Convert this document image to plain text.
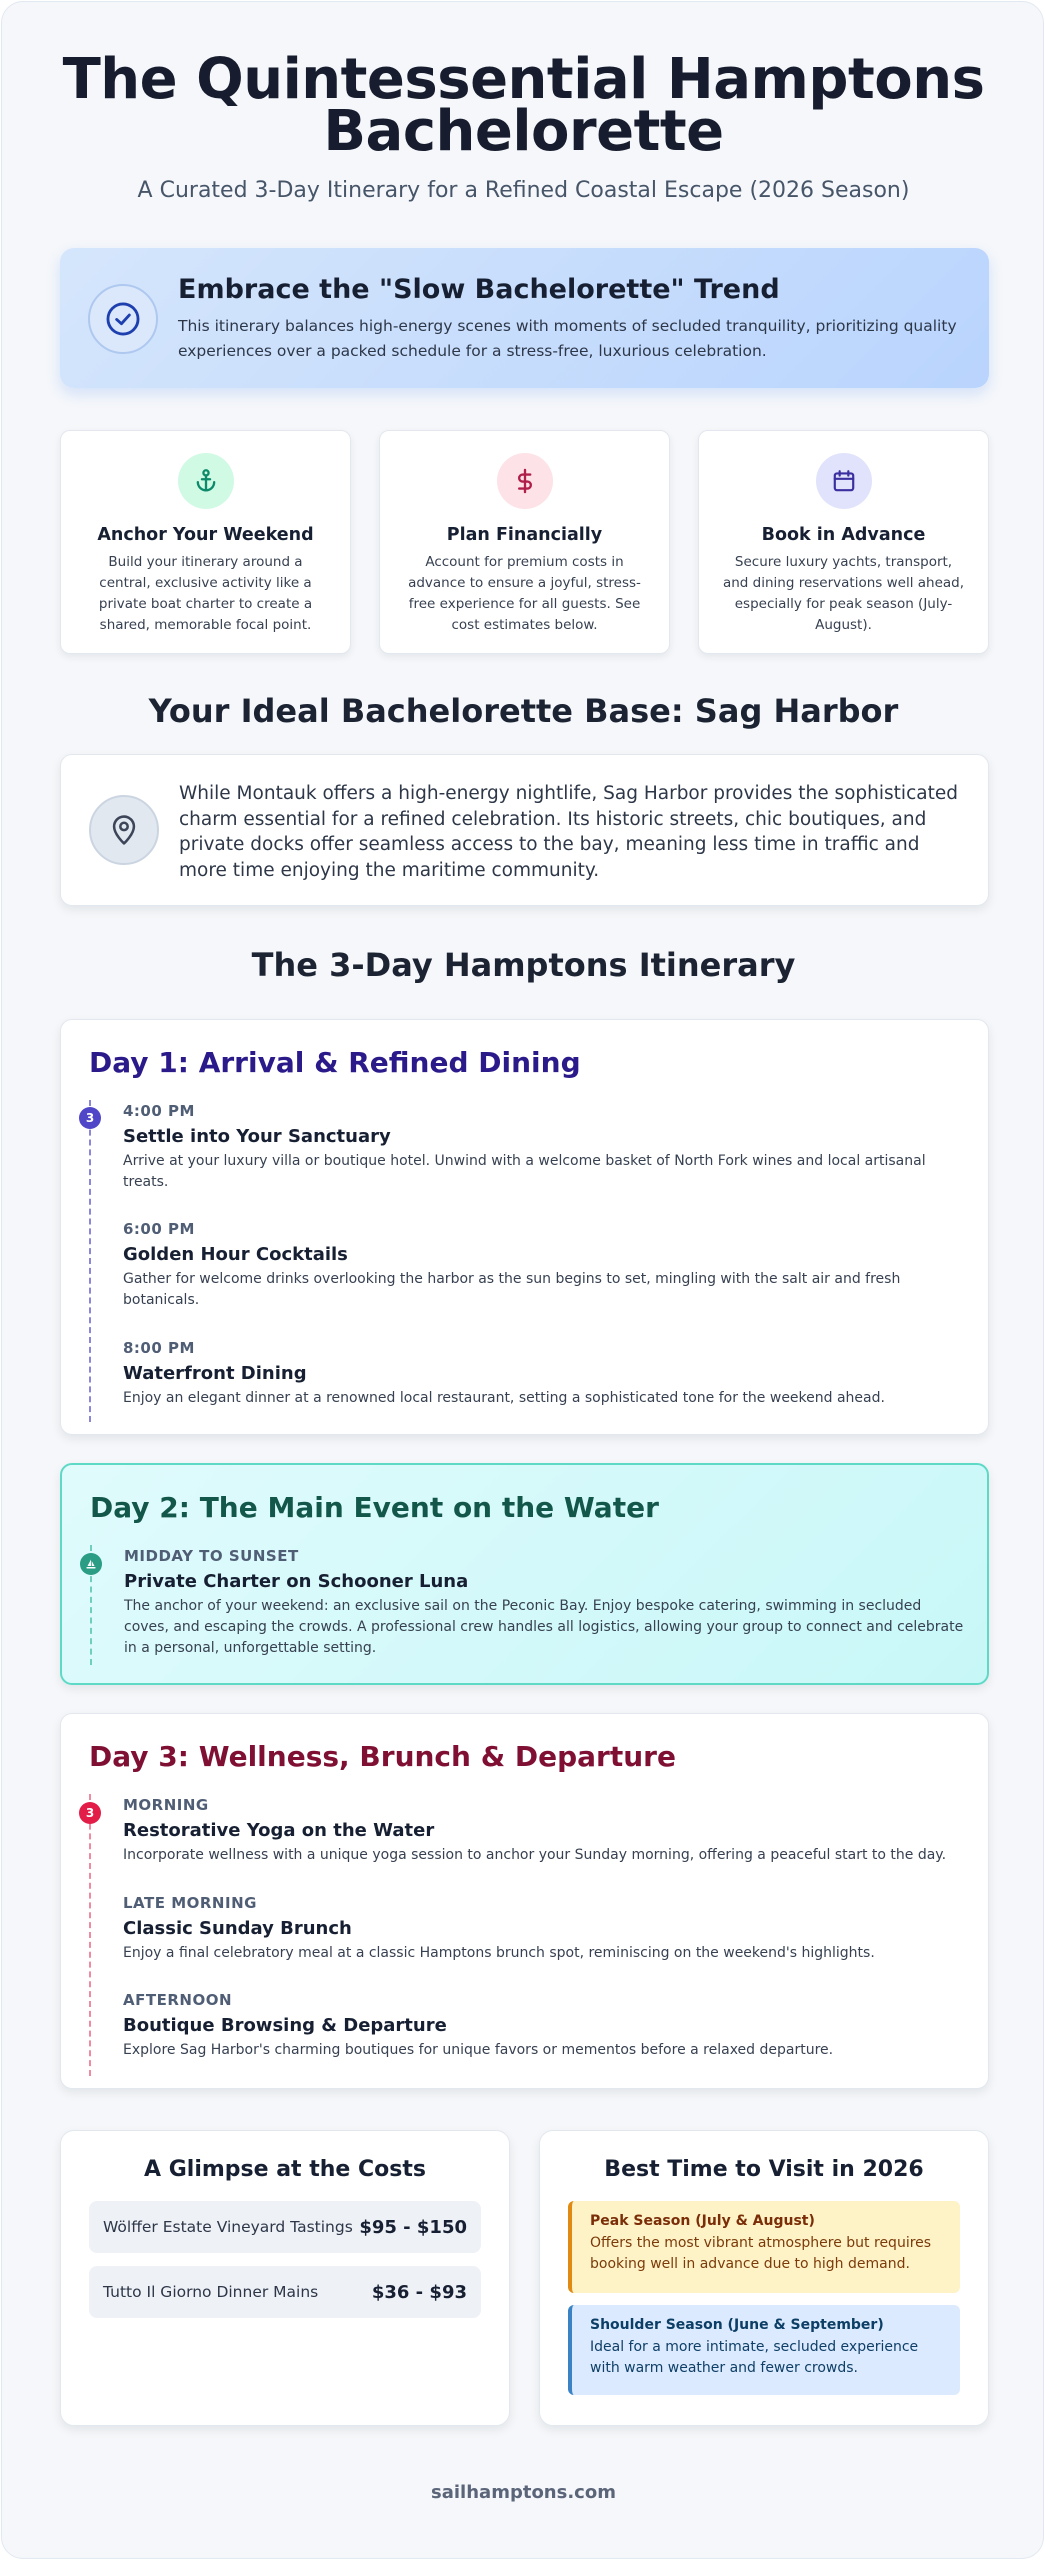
The Quintessential Hamptons Bachelorette
A Curated 3-Day Itinerary for a Refined Coastal Escape (2026 Season)
Embrace the "Slow Bachelorette" Trend
This itinerary balances high-energy scenes with moments of secluded tranquility, prioritizing quality experiences over a packed schedule for a stress-free, luxurious celebration.
Anchor Your Weekend
Build your itinerary around a central, exclusive activity like a private boat charter to create a shared, memorable focal point.
Plan Financially
Account for premium costs in advance to ensure a joyful, stress-free experience for all guests. See cost estimates below.
Book in Advance
Secure luxury yachts, transport, and dining reservations well ahead, especially for peak season (July-August).
Your Ideal Bachelorette Base: Sag Harbor
While Montauk offers a high-energy nightlife, Sag Harbor provides the sophisticated charm essential for a refined celebration. Its historic streets, chic boutiques, and private docks offer seamless access to the bay, meaning less time in traffic and more time enjoying the maritime community.
The 3-Day Hamptons Itinerary
Day 1: Arrival & Refined Dining
3	4:00 PM
Settle into Your Sanctuary
Arrive at your luxury villa or boutique hotel. Unwind with a welcome basket of North Fork wines and local artisanal treats.
6:00 PM
Golden Hour Cocktails
Gather for welcome drinks overlooking the harbor as the sun begins to set, mingling with the salt air and fresh botanicals.
8:00 PM
Waterfront Dining
Enjoy an elegant dinner at a renowned local restaurant, setting a sophisticated tone for the weekend ahead.
Day 2: The Main Event on the Water
MIDDAY TO SUNSET
Private Charter on Schooner Luna
The anchor of your weekend: an exclusive sail on the Peconic Bay. Enjoy bespoke catering, swimming in secluded coves, and escaping the crowds. A professional crew handles all logistics, allowing your group to connect and celebrate in a personal, unforgettable setting.
Day 3: Wellness, Brunch & Departure
3	MORNING
Restorative Yoga on the Water
Incorporate wellness with a unique yoga session to anchor your Sunday morning, offering a peaceful start to the day.
LATE MORNING
Classic Sunday Brunch
Enjoy a final celebratory meal at a classic Hamptons brunch spot, reminiscing on the weekend's highlights.
AFTERNOON
Boutique Browsing & Departure
Explore Sag Harbor's charming boutiques for unique favors or mementos before a relaxed departure.
A Glimpse at the Costs
Wölffer Estate Vineyard Tastings $95 - $150
Tutto Il Giorno Dinner Mains	$36 - $93
Best Time to Visit in 2026
Peak Season (July & August)
Offers the most vibrant atmosphere but requires booking well in advance due to high demand.
Shoulder Season (June & September)
Ideal for a more intimate, secluded experience with warm weather and fewer crowds.
sailhamptons.com
